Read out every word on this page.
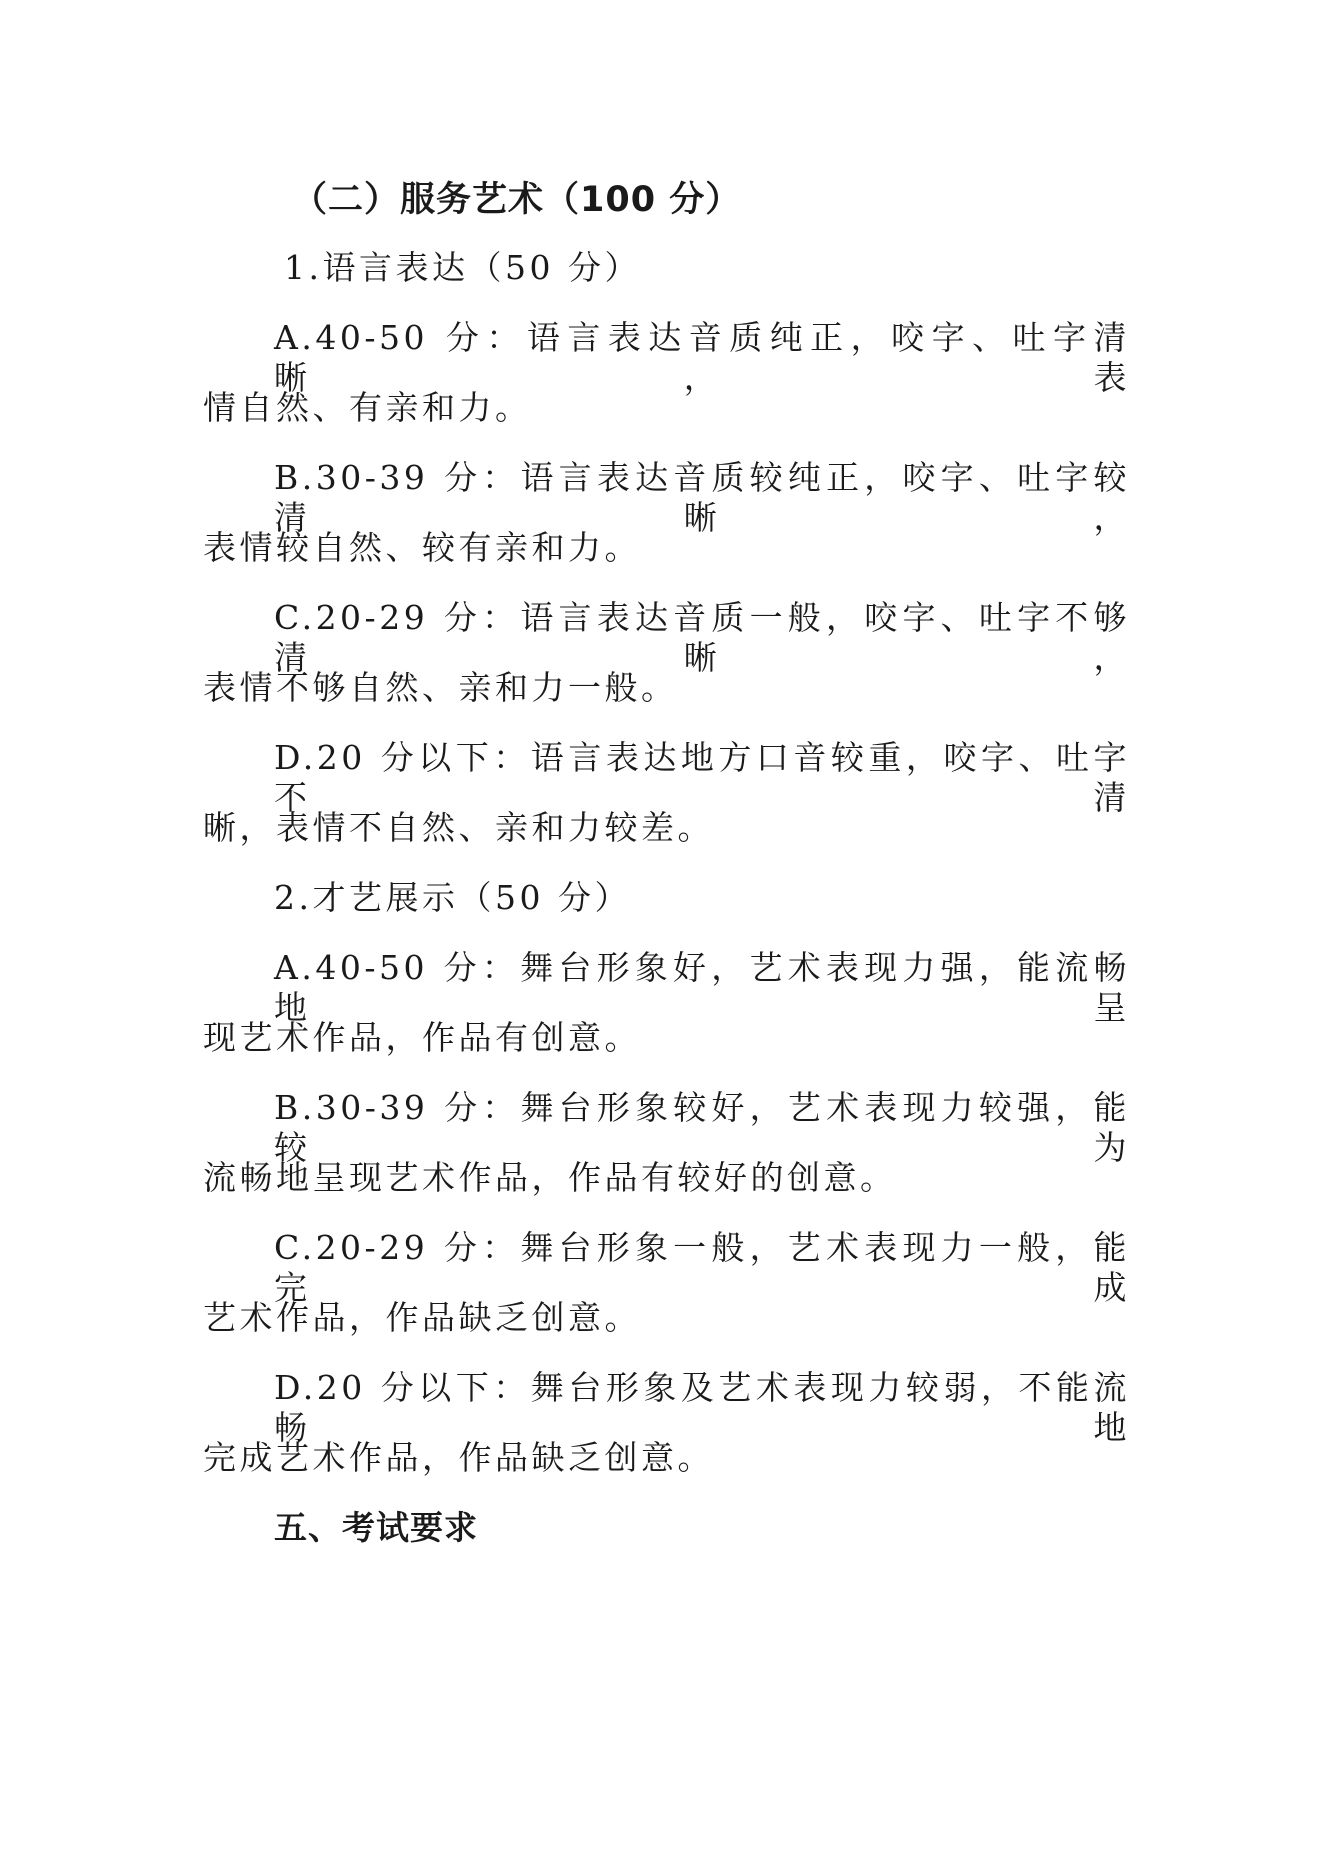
（二）服务艺术（100 分）
1.语言表达（50 分）
A.40-50 分：语言表达音质纯正，咬字、吐字清晰，表
情自然、有亲和力。
B.30-39 分：语言表达音质较纯正，咬字、吐字较清晰，
表情较自然、较有亲和力。
C.20-29 分：语言表达音质一般，咬字、吐字不够清晰，
表情不够自然、亲和力一般。
D.20 分以下：语言表达地方口音较重，咬字、吐字不清
晰，表情不自然、亲和力较差。
2.才艺展示（50 分）
A.40-50 分：舞台形象好，艺术表现力强，能流畅地呈
现艺术作品，作品有创意。
B.30-39 分：舞台形象较好，艺术表现力较强，能较为
流畅地呈现艺术作品，作品有较好的创意。
C.20-29 分：舞台形象一般，艺术表现力一般，能完成
艺术作品，作品缺乏创意。
D.20 分以下：舞台形象及艺术表现力较弱，不能流畅地
完成艺术作品，作品缺乏创意。
五、考试要求
